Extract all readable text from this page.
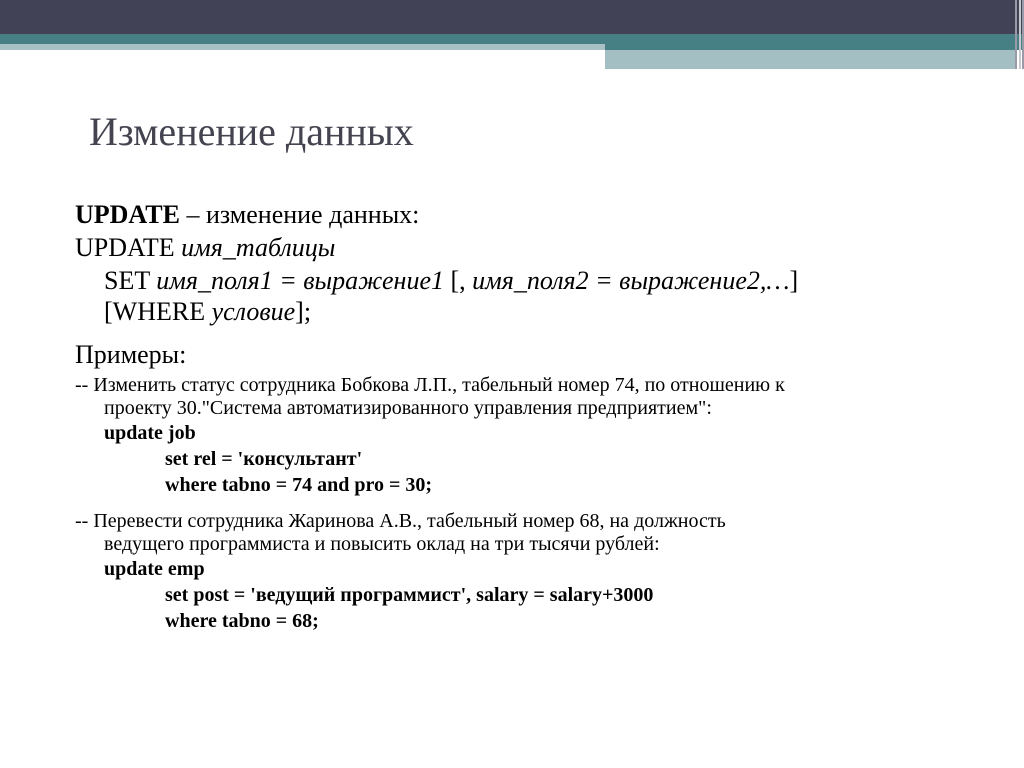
Изменение данных
UPDATE – изменение данных:
UPDATE имя_таблицы
SET имя_поля1 = выражение1 [, имя_поля2 = выражение2,…]
[WHERE условие];
Примеры:
-- Изменить статус сотрудника Бобкова Л.П., табельный номер 74, по отношению к
проекту 30."Система автоматизированного управления предприятием":
update job
set rel = 'консультант'
where tabno = 74 and pro = 30;
-- Перевести сотрудника Жаринова А.В., табельный номер 68, на должность
ведущего программиста и повысить оклад на три тысячи рублей:
update emp
set post = 'ведущий программист', salary = salary+3000
where tabno = 68;
